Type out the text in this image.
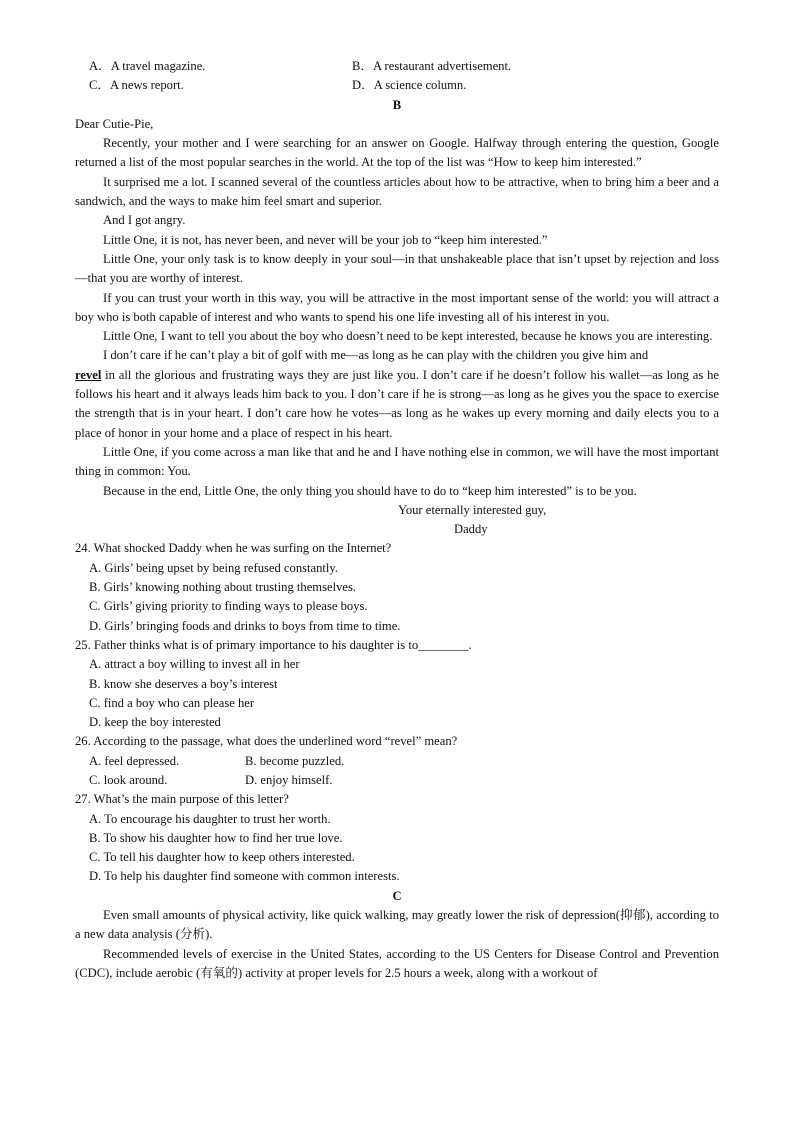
A．A travel magazine.	B．A restaurant advertisement.
C．A news report.	D．A science column.
B

Dear Cutie-Pie,

Recently, your mother and I were searching for an answer on Google. Halfway through entering the question, Google returned a list of the most popular searches in the world. At the top of the list was “How to keep him interested.”

It surprised me a lot. I scanned several of the countless articles about how to be attractive, when to bring him a beer and a sandwich, and the ways to make him feel smart and superior.

And I got angry.

Little One, it is not, has never been, and never will be your job to “keep him interested.”

Little One, your only task is to know deeply in your soul—in that unshakeable place that isn’t upset by rejection and loss—that you are worthy of interest.

If you can trust your worth in this way, you will be attractive in the most important sense of the world: you will attract a boy who is both capable of interest and who wants to spend his one life investing all of his interest in you.

Little One, I want to tell you about the boy who doesn’t need to be kept interested, because he knows you are interesting.

I don’t care if he can’t play a bit of golf with me—as long as he can play with the children you give him and
revel in all the glorious and frustrating ways they are just like you. I don’t care if he doesn’t follow his wallet—as long as he follows his heart and it always leads him back to you. I don’t care if he is strong—as long as he gives you the space to exercise the strength that is in your heart. I don’t care how he votes—as long as he wakes up every morning and daily elects you to a place of honor in your home and a place of respect in his heart.

Little One, if you come across a man like that and he and I have nothing else in common, we will have the most important thing in common: You.

Because in the end, Little One, the only thing you should have to do to “keep him interested” is to be you.

Your eternally interested guy,
Daddy

24. What shocked Daddy when he was surfing on the Internet?

A. Girls’ being upset by being refused constantly.

B. Girls’ knowing nothing about trusting themselves.

C. Girls’ giving priority to finding ways to please boys.

D. Girls’ bringing foods and drinks to boys from time to time.

25. Father thinks what is of primary importance to his daughter is to________.

A. attract a boy willing to invest all in her

B. know she deserves a boy’s interest

C. find a boy who can please her

D. keep the boy interested

26. According to the passage, what does the underlined word “revel” mean?

A. feel depressed.	B. become puzzled.
C. look around.	D. enjoy himself.

27. What’s the main purpose of this letter?

A. To encourage his daughter to trust her worth.

B. To show his daughter how to find her true love.

C. To tell his daughter how to keep others interested.

D. To help his daughter find someone with common interests.

C

Even small amounts of physical activity, like quick walking, may greatly lower the risk of depression(抑郁), according to a new data analysis (分析).

Recommended levels of exercise in the United States, according to the US Centers for Disease Control and Prevention (CDC), include aerobic (有氧的) activity at proper levels for 2.5 hours a week, along with a workout of
